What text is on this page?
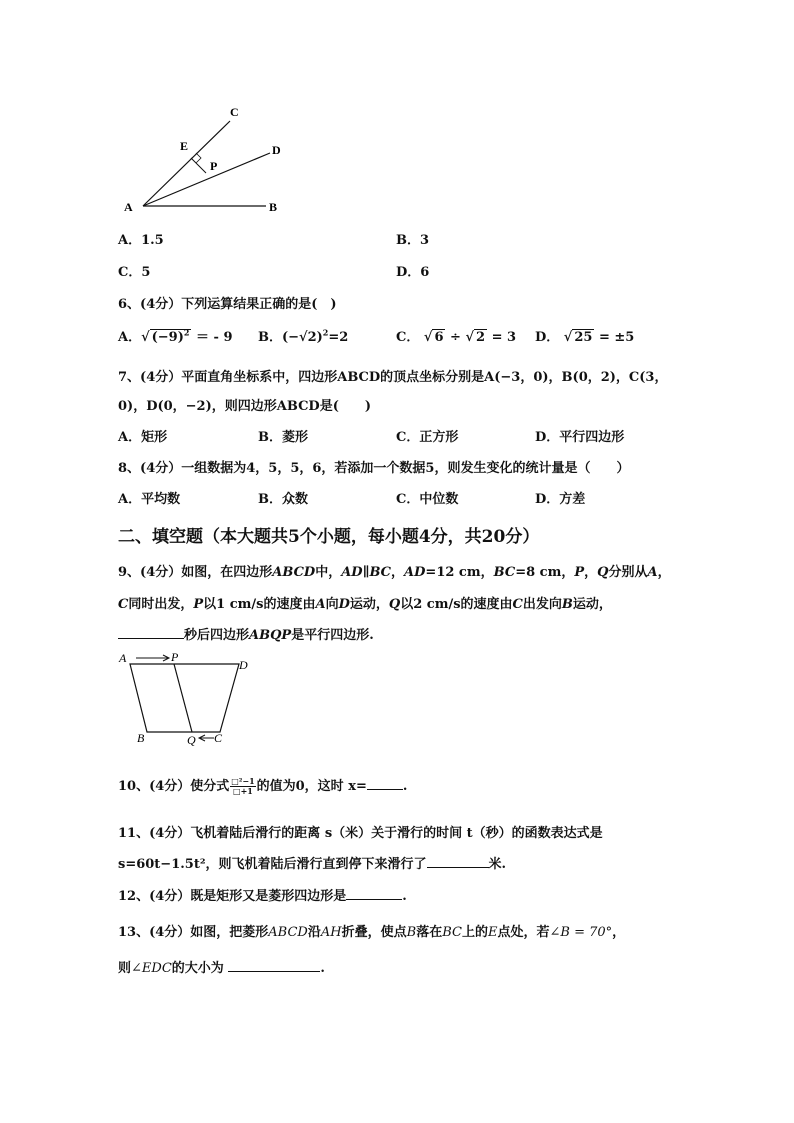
A	B
C
D
E
P
A．1.5	B．3
C．5	D．6
6、(4分）下列运算结果正确的是(　)
A．√ $(-9)^2$ ＝ - 9 B．$(-√2)^2=2$	C． √ 6 ÷ √ 2 = 3 D． √ 25 = ±5
7、(4分）平面直角坐标系中，四边形ABCD的顶点坐标分别是A(−3，0)，B(0，2)，C(3，
0)，D(0，−2)，则四边形ABCD是(　　)
A．矩形	B．菱形	C．正方形	D．平行四边形
8、(4分）一组数据为4，5，5，6，若添加一个数据5，则发生变化的统计量是（　　）
A．平均数	B．众数	C．中位数	D．方差
二、填空题（本大题共5个小题，每小题4分，共20分）
9、(4分）如图，在四边形ABCD中，AD∥BC，AD=12 cm，BC=8 cm，P，Q分别从A，
C同时出发，P以1 cm/s的速度由A向D运动，Q以2 cm/s的速度由C出发向B运动，
秒后四边形ABQP是平行四边形.
A	P
D
B	Q C
10、(4分）使分式 $\frac{\text{□²−1}}{□+1}$ 的值为0，这时 x=	.
11、(4分）飞机着陆后滑行的距离 s（米）关于滑行的时间 t（秒）的函数表达式是
s=60t−1.5t²，则飞机着陆后滑行直到停下来滑行了	米.
12、(4分）既是矩形又是菱形四边形是	.
13、(4分）如图，把菱形ABCD沿AH折叠，使点B落在BC上的E点处，若∠B = 70°，
则∠EDC的大小为	.
